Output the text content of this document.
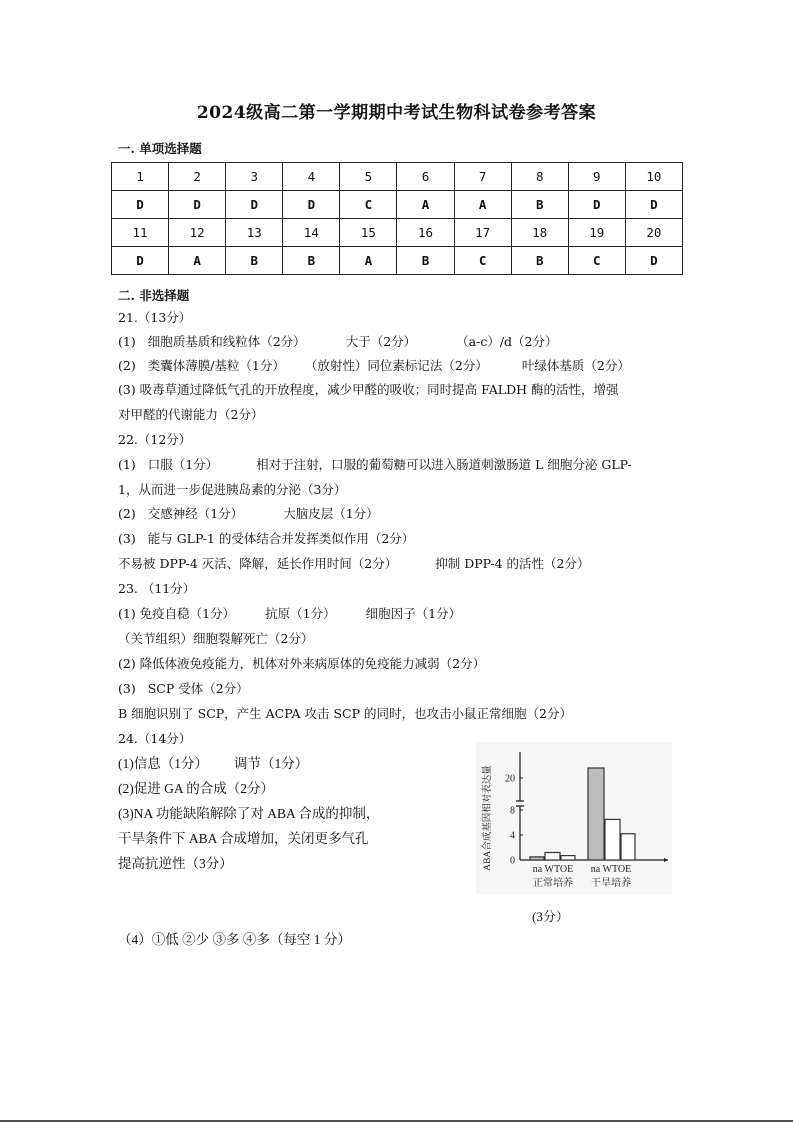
2024级高二第一学期期中考试生物科试卷参考答案
一. 单项选择题
1	2	3	4	5	6	7	8	9	10
D	D	D	D	C	A	A	B	D	D
11	12	13	14	15	16	17	18	19	20
D	A	B	B	A	B	C	B	C	D
二. 非选择题
21.（13分）
(1) 细胞质基质和线粒体（2分）	大于（2分）	（a-c）/d（2分）
(2) 类囊体薄膜/基粒（1分） （放射性）同位素标记法（2分）	叶绿体基质（2分）
(3) 吸毒草通过降低气孔的开放程度，减少甲醛的吸收；同时提高 FALDH 酶的活性，增强
对甲醛的代谢能力（2分）
22.（12分）
(1) 口服（1分）	相对于注射，口服的葡萄糖可以进入肠道刺激肠道 L 细胞分泌 GLP-
1，从而进一步促进胰岛素的分泌（3分）
(2) 交感神经（1分）	大脑皮层（1分）
(3) 能与 GLP-1 的受体结合并发挥类似作用（2分）
不易被 DPP-4 灭活、降解，延长作用时间（2分）	抑制 DPP-4 的活性（2分）
23. （11分）
(1) 免疫自稳（1分） 抗原（1分） 细胞因子（1分）
（关节组织）细胞裂解死亡（2分）
(2) 降低体液免疫能力，机体对外来病原体的免疫能力减弱（2分）
(3) SCP 受体（2分）
B 细胞识别了 SCP，产生 ACPA 攻击 SCP 的同时，也攻击小鼠正常细胞（2分）
24.（14分）
(1)信息（1分） 调节（1分）
(2)促进 GA 的合成（2分）
(3)NA 功能缺陷解除了对 ABA 合成的抑制，
干旱条件下 ABA 合成增加，关闭更多气孔
提高抗逆性（3分）	ABA合成基因相对表达量 0
4
8
20
na WTOE
正常培养
na WTOE
干旱培养
(3分）
（4）①低 ②少 ③多 ④多（每空 1 分）
